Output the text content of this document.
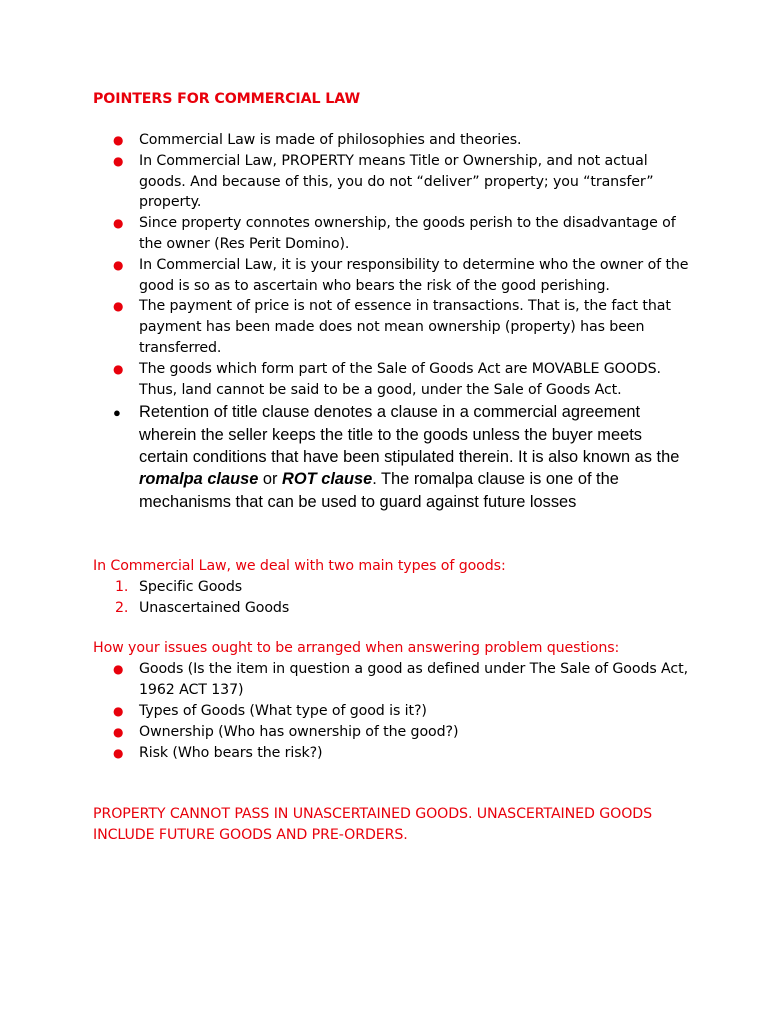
POINTERS FOR COMMERCIAL LAW
● Commercial Law is made of philosophies and theories.
● In Commercial Law, PROPERTY means Title or Ownership, and not actual goods. And because of this, you do not “deliver” property; you “transfer” property.
● Since property connotes ownership, the goods perish to the disadvantage of the owner (Res Perit Domino).
● In Commercial Law, it is your responsibility to determine who the owner of the good is so as to ascertain who bears the risk of the good perishing.
● The payment of price is not of essence in transactions. That is, the fact that payment has been made does not mean ownership (property) has been transferred.
● The goods which form part of the Sale of Goods Act are MOVABLE GOODS. Thus, land cannot be said to be a good, under the Sale of Goods Act.
● Retention of title clause denotes a clause in a commercial agreement wherein the seller keeps the title to the goods unless the buyer meets certain conditions that have been stipulated therein. It is also known as the romalpa clause or ROT clause. The romalpa clause is one of the mechanisms that can be used to guard against future losses

In Commercial Law, we deal with two main types of goods:

1. Specific Goods
2. Unascertained Goods

How your issues ought to be arranged when answering problem questions:

● Goods (Is the item in question a good as defined under The Sale of Goods Act, 1962 ACT 137)
● Types of Goods (What type of good is it?)
● Ownership (Who has ownership of the good?)
● Risk (Who bears the risk?)

PROPERTY CANNOT PASS IN UNASCERTAINED GOODS. UNASCERTAINED GOODS INCLUDE FUTURE GOODS AND PRE-ORDERS.
